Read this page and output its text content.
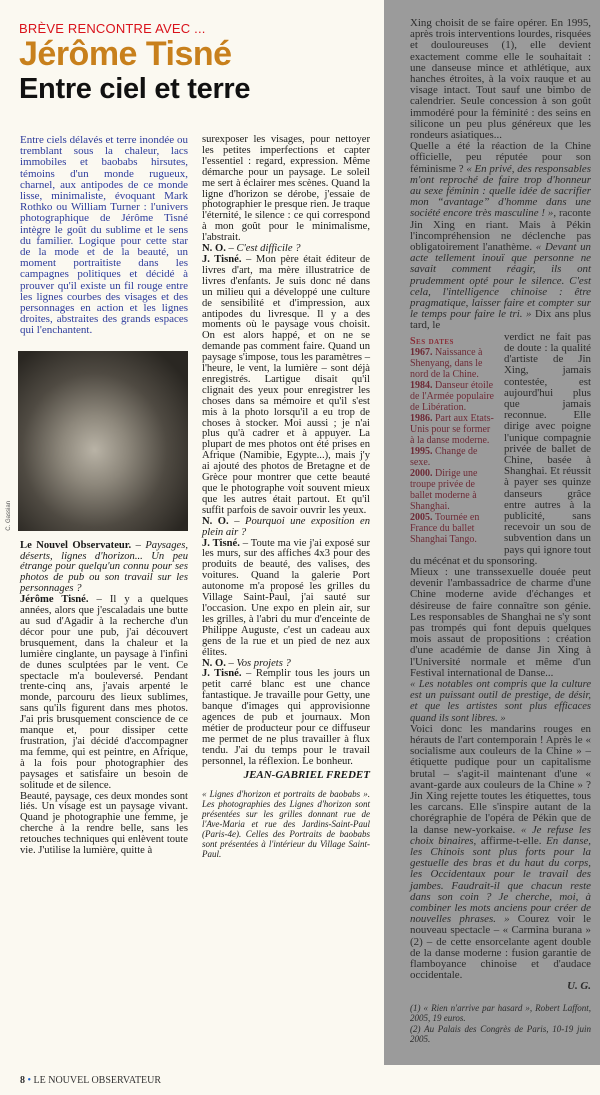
BRÈVE RENCONTRE AVEC ...
Jérôme Tisné
Entre ciel et terre

Entre ciels délavés et terre inondée ou tremblant sous la chaleur, lacs immobiles et baobabs hirsutes, témoins d'un monde rugueux, charnel, aux antipodes de ce monde lisse, minimaliste, évoquant Mark Rothko ou William Turner : l'univers photographique de Jérôme Tisné intègre le goût du sublime et le sens du familier. Logique pour cette star de la mode et de la beauté, un moment portraitiste dans les campagnes politiques et décidé à prouver qu'il existe un fil rouge entre les lignes courbes des visages et des personnages en action et les lignes droites, abstraites des grands espaces qui l'enchantent.

C. Gassian

Le Nouvel Observateur. – Paysages, déserts, lignes d'horizon... Un peu étrange pour quelqu'un connu pour ses photos de pub ou son travail sur les personnages ?

Jérôme Tisné. – Il y a quelques années, alors que j'escaladais une butte au sud d'Agadir à la recherche d'un décor pour une pub, j'ai découvert brusquement, dans la chaleur et la lumière cinglante, un paysage à l'infini de dunes sculptées par le vent. Ce spectacle m'a bouleversé. Pendant trente-cinq ans, j'avais arpenté le monde, parcouru des lieux sublimes, sans qu'ils figurent dans mes photos. J'ai pris brusquement conscience de ce manque et, pour dissiper cette frustration, j'ai décidé d'accompagner ma femme, qui est peintre, en Afrique, à la fois pour photographier des paysages et satisfaire un besoin de solitude et de silence.

Beauté, paysage, ces deux mondes sont liés. Un visage est un paysage vivant. Quand je photographie une femme, je cherche à la rendre belle, sans les retouches techniques qui enlèvent toute vie. J'utilise la lumière, quitte à

surexposer les visages, pour nettoyer les petites imperfections et capter l'essentiel : regard, expression. Même démarche pour un paysage. Le soleil me sert à éclairer mes scènes. Quand la ligne d'horizon se dérobe, j'essaie de photographier le presque rien. Je traque l'éternité, le silence : ce qui correspond à mon goût pour le minimalisme, l'abstrait.

N. O. – C'est difficile ?

J. Tisné. – Mon père était éditeur de livres d'art, ma mère illustratrice de livres d'enfants. Je suis donc né dans un milieu qui a développé une culture de sensibilité et d'impression, aux antipodes du livresque. Il y a des moments où le paysage vous choisit. On est alors happé, et on ne se demande pas comment faire. Quand un paysage s'impose, tous les paramètres – l'heure, le vent, la lumière – sont déjà enregistrés. Lartigue disait qu'il clignait des yeux pour enregistrer les choses dans sa mémoire et qu'il s'est mis à la photo lorsqu'il a eu trop de choses à stocker. Moi aussi ; je n'ai plus qu'à cadrer et à appuyer. La plupart de mes photos ont été prises en Afrique (Namibie, Egypte...), mais j'y ai ajouté des photos de Bretagne et de Grèce pour montrer que cette beauté que le photographe voit souvent mieux que les autres était partout. Et qu'il suffit parfois de savoir ouvrir les yeux.

N. O. – Pourquoi une exposition en plein air ?

J. Tisné. – Toute ma vie j'ai exposé sur les murs, sur des affiches 4x3 pour des produits de beauté, des valises, des voitures. Quand la galerie Port autonome m'a proposé les grilles du Village Saint-Paul, j'ai sauté sur l'occasion. Une expo en plein air, sur les grilles, à l'abri du mur d'enceinte de Philippe Auguste, c'est un cadeau aux gens de la rue et un pied de nez aux élites.

N. O. – Vos projets ?

J. Tisné. – Remplir tous les jours un petit carré blanc est une chance fantastique. Je travaille pour Getty, une banque d'images qui approvisionne agences de pub et journaux. Mon métier de producteur pour ce diffuseur me permet de ne plus travailler à flux tendu. J'ai du temps pour le travail personnel, la réflexion. Le bonheur.

JEAN-GABRIEL FREDET

« Lignes d'horizon et portraits de baobabs ». Les photographies des Lignes d'horizon sont présentées sur les grilles donnant rue de l'Ave-Maria et rue des Jardins-Saint-Paul (Paris-4e). Celles des Portraits de baobabs sont présentées à l'intérieur du Village Saint-Paul.

Xing choisit de se faire opérer. En 1995, après trois interventions lourdes, risquées et douloureuses (1), elle devient exactement comme elle le souhaitait : une danseuse mince et athlétique, aux hanches étroites, à la voix rauque et au visage intact. Tout sauf une bimbo de calendrier. Seule concession à son goût immodéré pour la féminité : des seins en silicone un peu plus généreux que les rondeurs asiatiques...

Quelle a été la réaction de la Chine officielle, peu réputée pour son féminisme ? « En privé, des responsables m'ont reproché de faire trop d'honneur au sexe féminin : quelle idée de sacrifier mon “avantage” d'homme dans une société encore très masculine ! », raconte Jin Xing en riant. Mais à Pékin l'incompréhension ne déclenche pas obligatoirement l'anathème. « Devant un acte tellement inouï que personne ne savait comment réagir, ils ont prudemment opté pour le silence. C'est cela, l'intelligence chinoise : être pragmatique, laisser faire et compter sur le temps pour faire le tri. » Dix ans plus tard, le

Ses dates
1967. Naissance à Shenyang, dans le nord de la Chine.
1984. Danseur étoile de l'Armée populaire de Libération.
1986. Part aux Etats-Unis pour se former à la danse moderne.
1995. Change de sexe.
2000. Dirige une troupe privée de ballet moderne à Shanghai.
2005. Tournée en France du ballet Shanghai Tango.

verdict ne fait pas de doute : la qualité d'artiste de Jin Xing, jamais contestée, est aujourd'hui plus que jamais reconnue. Elle dirige avec poigne l'unique compagnie privée de ballet de Chine, basée à Shanghai. Et réussit à payer ses quinze danseurs grâce entre autres à la publicité, sans recevoir un sou de subvention dans un pays qui ignore tout du mécénat et du sponsoring.

Mieux : une transsexuelle douée peut devenir l'ambassadrice de charme d'une Chine moderne avide d'échanges et désireuse de faire connaître son génie. Les responsables de Shanghai ne s'y sont pas trompés qui font depuis quelques mois assaut de propositions : création d'une académie de danse Jin Xing à l'Université normale et même d'un Festival international de Danse...

« Les notables ont compris que la culture est un puissant outil de prestige, de désir, et que les artistes sont plus efficaces quand ils sont libres. »

Voici donc les mandarins rouges en hérauts de l'art contemporain ! Après le « socialisme aux couleurs de la Chine » – étiquette pudique pour un capitalisme brutal – s'agit-il maintenant d'une « avant-garde aux couleurs de la Chine » ? Jin Xing rejette toutes les étiquettes, tous les carcans. Elle s'inspire autant de la chorégraphie de l'opéra de Pékin que de la danse new-yorkaise. « Je refuse les choix binaires, affirme-t-elle. En danse, les Chinois sont plus forts pour la gestuelle des bras et du haut du corps, les Occidentaux pour le travail des jambes. Faudrait-il que chacun reste dans son coin ? Je cherche, moi, à combiner les mots anciens pour créer de nouvelles phrases. » Courez voir le nouveau spectacle – « Carmina burana » (2) – de cette ensorcelante agent double de la danse moderne : fusion garantie de flamboyance chinoise et d'audace occidentale.

U. G.

(1) « Rien n'arrive par hasard », Robert Laffont, 2005, 19 euros.

(2) Au Palais des Congrès de Paris, 10-19 juin 2005.

8 • LE NOUVEL OBSERVATEUR
